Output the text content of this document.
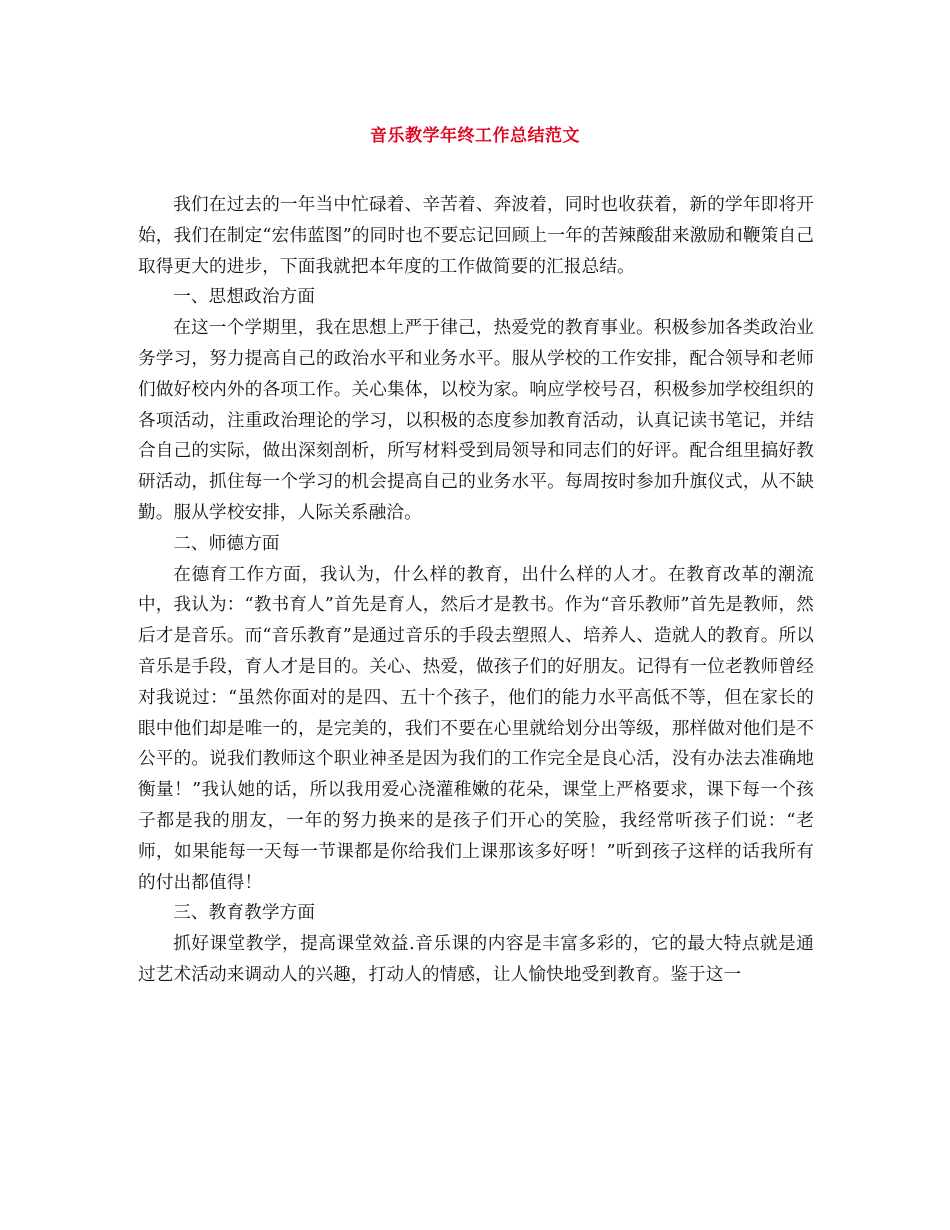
音乐教学年终工作总结范文

我们在过去的一年当中忙碌着、辛苦着、奔波着，同时也收获着，新的学年即将开始，我们在制定“宏伟蓝图”的同时也不要忘记回顾上一年的苦辣酸甜来激励和鞭策自己取得更大的进步，下面我就把本年度的工作做简要的汇报总结。

一、思想政治方面

在这一个学期里，我在思想上严于律己，热爱党的教育事业。积极参加各类政治业务学习，努力提高自己的政治水平和业务水平。服从学校的工作安排，配合领导和老师们做好校内外的各项工作。关心集体，以校为家。响应学校号召，积极参加学校组织的各项活动，注重政治理论的学习，以积极的态度参加教育活动，认真记读书笔记，并结合自己的实际，做出深刻剖析，所写材料受到局领导和同志们的好评。配合组里搞好教研活动，抓住每一个学习的机会提高自己的业务水平。每周按时参加升旗仪式，从不缺勤。服从学校安排，人际关系融洽。

二、师德方面

在德育工作方面，我认为，什么样的教育，出什么样的人才。在教育改革的潮流中，我认为：“教书育人”首先是育人，然后才是教书。作为“音乐教师”首先是教师，然后才是音乐。而“音乐教育”是通过音乐的手段去塑照人、培养人、造就人的教育。所以音乐是手段，育人才是目的。关心、热爱，做孩子们的好朋友。记得有一位老教师曾经对我说过：“虽然你面对的是四、五十个孩子，他们的能力水平高低不等，但在家长的眼中他们却是唯一的，是完美的，我们不要在心里就给划分出等级，那样做对他们是不公平的。说我们教师这个职业神圣是因为我们的工作完全是良心活，没有办法去准确地衡量！”我认她的话，所以我用爱心浇灌稚嫩的花朵，课堂上严格要求，课下每一个孩子都是我的朋友，一年的努力换来的是孩子们开心的笑脸，我经常听孩子们说：“老师，如果能每一天每一节课都是你给我们上课那该多好呀！”听到孩子这样的话我所有的付出都值得！

三、教育教学方面

抓好课堂教学，提高课堂效益.音乐课的内容是丰富多彩的，它的最大特点就是通过艺术活动来调动人的兴趣，打动人的情感，让人愉快地受到教育。鉴于这一
